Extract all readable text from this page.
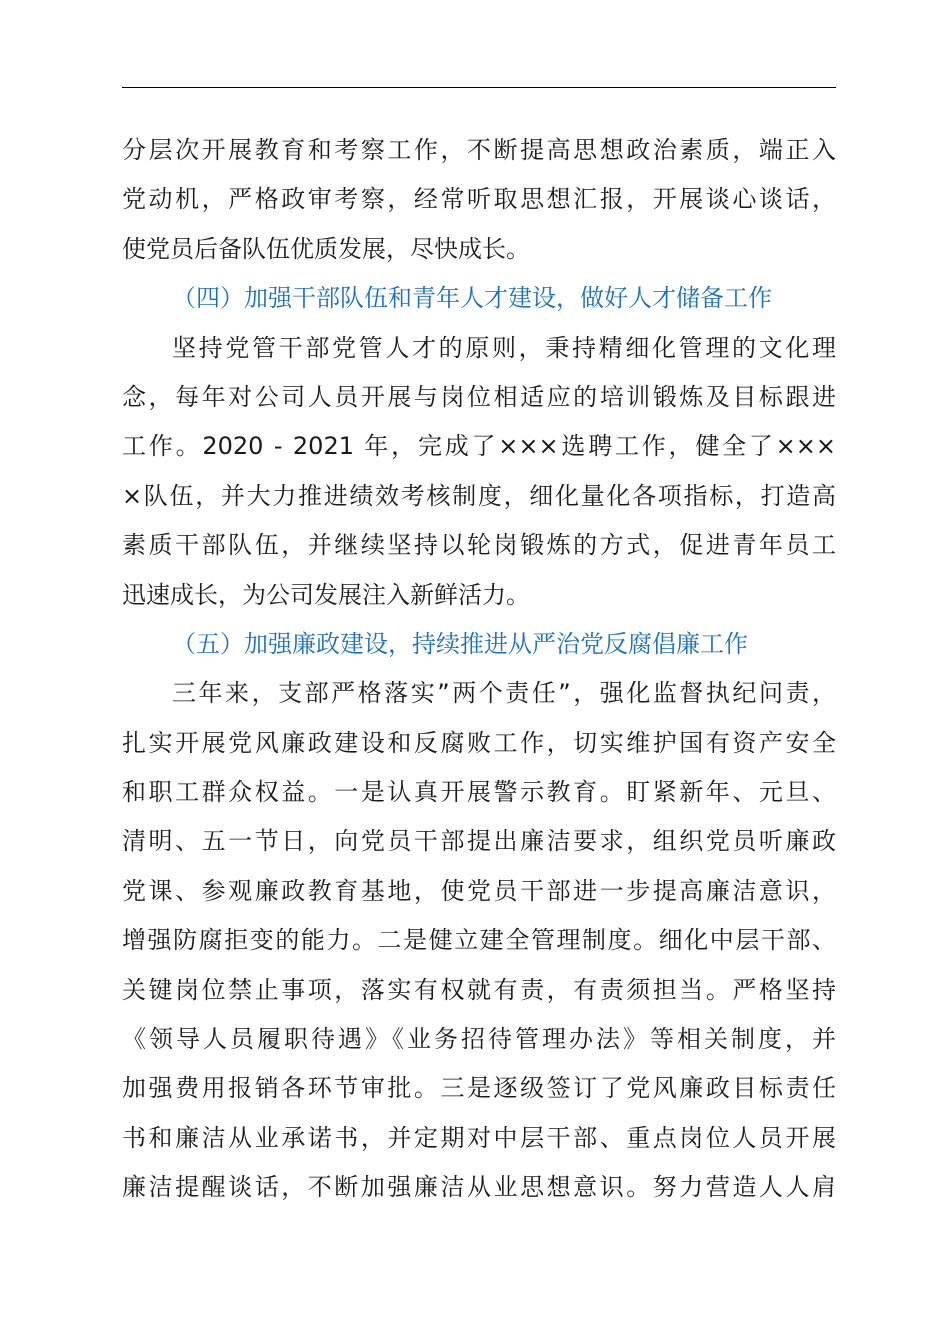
分层次开展教育和考察工作，不断提高思想政治素质，端正入
党动机，严格政审考察，经常听取思想汇报，开展谈心谈话，
使党员后备队伍优质发展，尽快成长。
（四）加强干部队伍和青年人才建设，做好人才储备工作
坚持党管干部党管人才的原则，秉持精细化管理的文化理
念，每年对公司人员开展与岗位相适应的培训锻炼及目标跟进
工作。2020 - 2021 年，完成了×××选聘工作，健全了×××
×队伍，并大力推进绩效考核制度，细化量化各项指标，打造高
素质干部队伍，并继续坚持以轮岗锻炼的方式，促进青年员工
迅速成长，为公司发展注入新鲜活力。
（五）加强廉政建设，持续推进从严治党反腐倡廉工作
三年来，支部严格落实”两个责任”，强化监督执纪问责，
扎实开展党风廉政建设和反腐败工作，切实维护国有资产安全
和职工群众权益。一是认真开展警示教育。盯紧新年、元旦、
清明、五一节日，向党员干部提出廉洁要求，组织党员听廉政
党课、参观廉政教育基地，使党员干部进一步提高廉洁意识，
增强防腐拒变的能力。二是健立建全管理制度。细化中层干部、
关键岗位禁止事项，落实有权就有责，有责须担当。严格坚持
《领导人员履职待遇》《业务招待管理办法》等相关制度，并
加强费用报销各环节审批。三是逐级签订了党风廉政目标责任
书和廉洁从业承诺书，并定期对中层干部、重点岗位人员开展
廉洁提醒谈话，不断加强廉洁从业思想意识。努力营造人人肩
